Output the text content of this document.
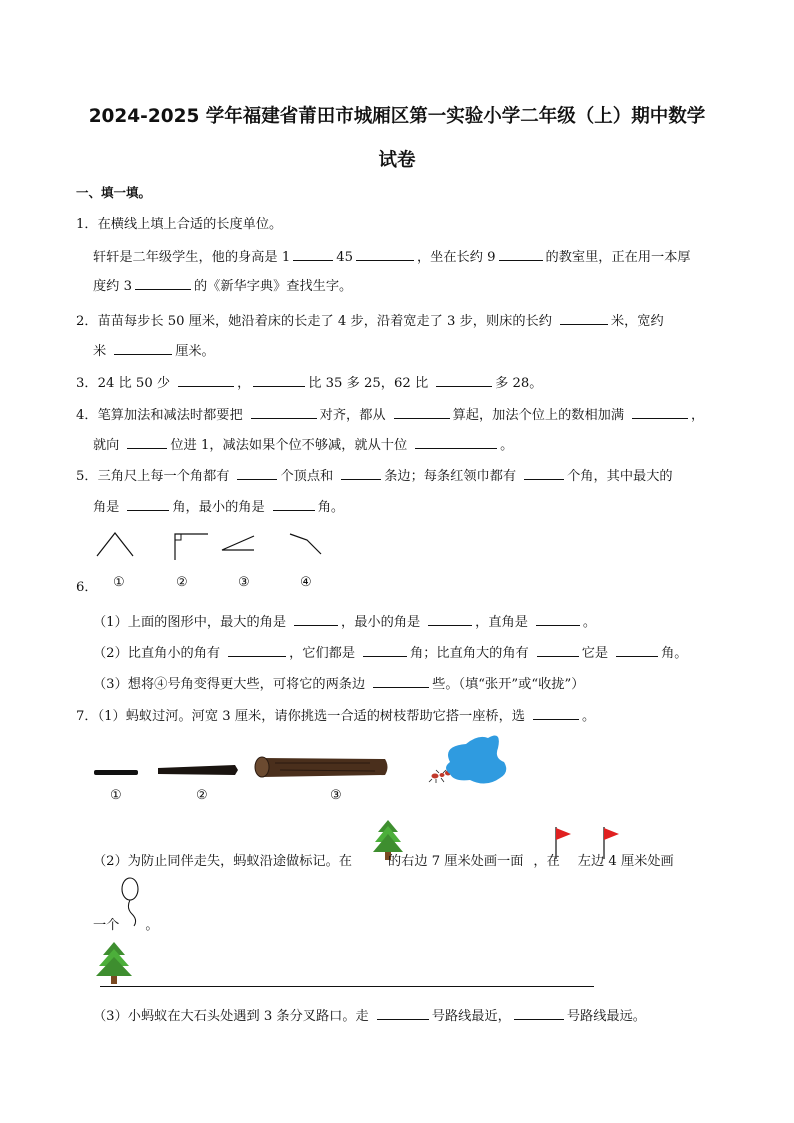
2024-2025 学年福建省莆田市城厢区第一实验小学二年级（上）期中数学
试卷
一、填一填。
1．在横线上填上合适的长度单位。
轩轩是二年级学生，他的身高是 1	45	，坐在长约 9	的教室里，正在用一本厚
度约 3	的《新华字典》查找生字。
2．苗苗每步长 50 厘米，她沿着床的长走了 4 步，沿着宽走了 3 步，则床的长约	米，宽约
米	厘米。
3．24 比 50 少	，	比 35 多 25，62 比	多 28。
4．笔算加法和减法时都要把	对齐，都从	算起，加法个位上的数相加满	，
就向	位进 1，减法如果个位不够减，就从十位	。
5．三角尺上每一个角都有	个顶点和	条边；每条红领巾都有	个角，其中最大的
角是	角，最小的角是	角。
6． ①	②	③	④
（1）上面的图形中，最大的角是	，最小的角是	，直角是	。
（2）比直角小的角有	，它们都是	角；比直角大的角有	它是	角。
（3）想将④号角变得更大些，可将它的两条边	些。（填“张开”或“收拢”）
7．（1）蚂蚁过河。河宽 3 厘米，请你挑选一合适的树枝帮助它搭一座桥，选	。
①	②	③
（2）为防止同伴走失，蚂蚁沿途做标记。在	的右边 7 厘米处画一面 ，在 左边 4 厘米处画
一个 。
（3）小蚂蚁在大石头处遇到 3 条分叉路口。走	号路线最近，	号路线最远。
